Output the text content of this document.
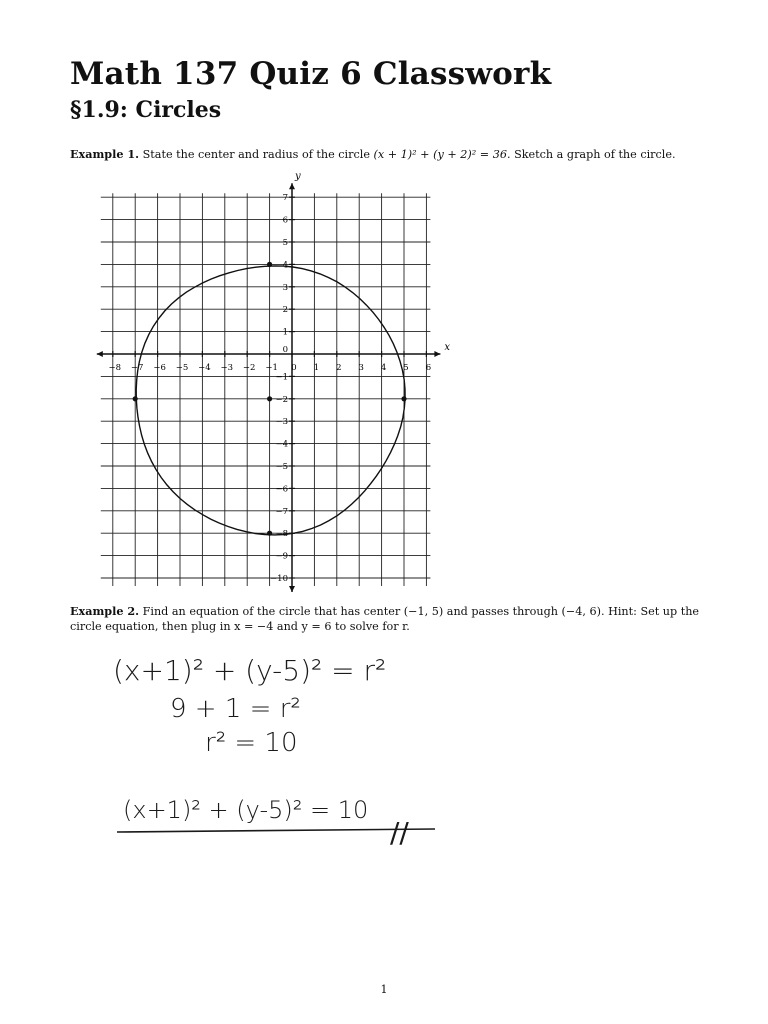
Math 137 Quiz 6 Classwork
§1.9: Circles
Example 1. State the center and radius of the circle (x + 1)² + (y + 2)² = 36. Sketch a graph of the circle.
−8 −7 −6 −5 −4 −3 −2 −1 0 1 2 3 4 5 6
−10
−9
−8
−7
−6
−5
−4
−3
−2
−1
0
1
2
3
4
5
6
7
x
y
Example 2. Find an equation of the circle that has center (−1, 5) and passes through (−4, 6). Hint: Set up the circle equation, then plug in x = −4 and y = 6 to solve for r.
(x+1)² + (y-5)² = r²
9 + 1 = r²
r² = 10
(x+1)² + (y-5)² = 10
//
1
